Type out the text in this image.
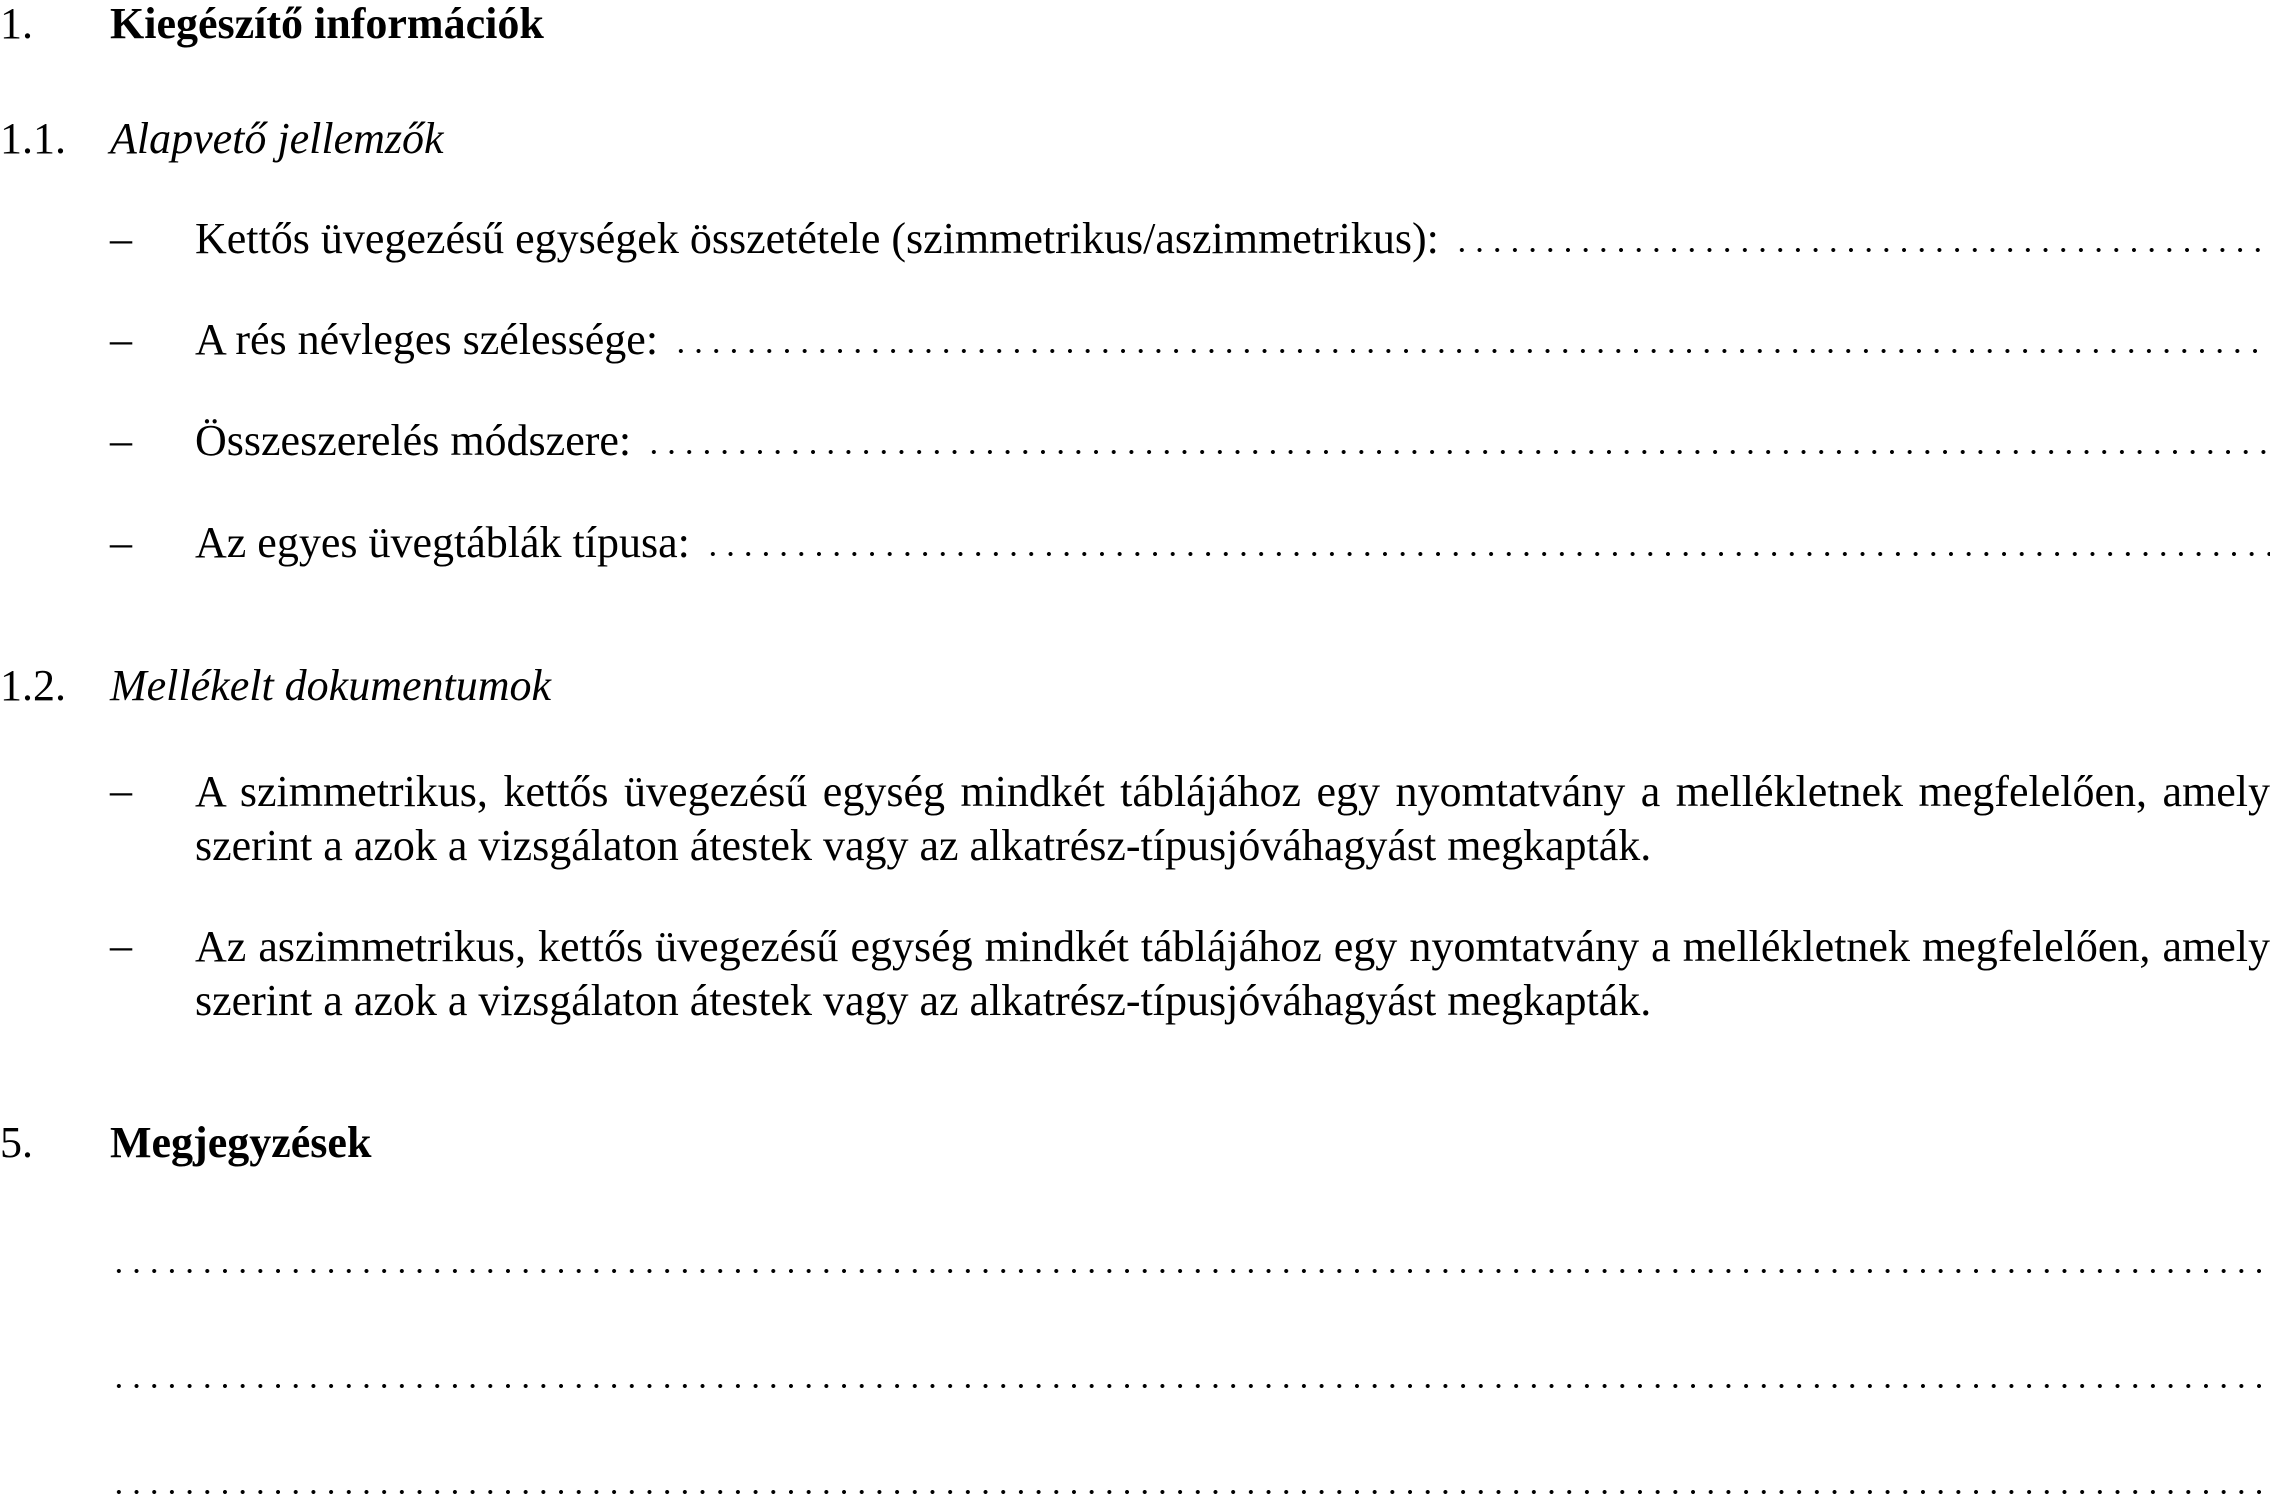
1. Kiegészítő információk
1.1. Alapvető jellemzők
–	Kettős üvegezésű egységek összetétele (szimmetrikus/aszimmetrikus):
–	A rés névleges szélessége:
–	Összeszerelés módszere:
–	Az egyes üvegtáblák típusa:
1.2. Mellékelt dokumentumok
–	A szimmetrikus, kettős üvegezésű egység mindkét táblájához egy nyomtatvány a mellékletnek megfelelően, amely szerint a azok a vizsgálaton átestek vagy az alkatrész-típusjóváhagyást megkapták.
–	Az aszimmetrikus, kettős üvegezésű egység mindkét táblájához egy nyomtatvány a mellékletnek megfelelően, amely szerint a azok a vizsgálaton átestek vagy az alkatrész-típusjóváhagyást megkapták.
5. Megjegyzések
